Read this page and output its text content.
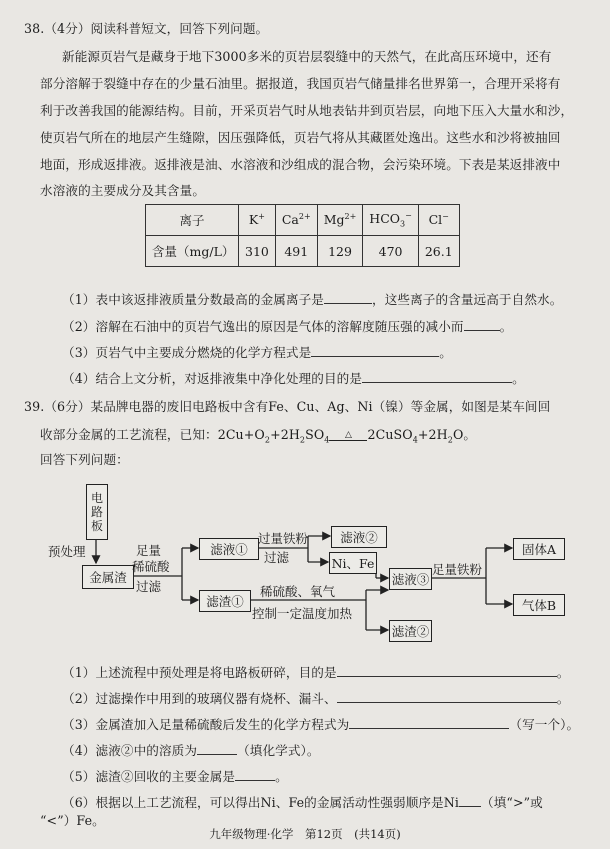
38.（4分）阅读科普短文，回答下列问题。
新能源页岩气是藏身于地下3000多米的页岩层裂缝中的天然气，在此高压环境中，还有
部分溶解于裂缝中存在的少量石油里。据报道，我国页岩气储量排名世界第一，合理开采将有
利于改善我国的能源结构。目前，开采页岩气时从地表钻井到页岩层，向地下压入大量水和沙，
使页岩气所在的地层产生缝隙，因压强降低，页岩气将从其藏匿处逸出。这些水和沙将被抽回
地面，形成返排液。返排液是油、水溶液和沙组成的混合物，会污染环境。下表是某返排液中
水溶液的主要成分及其含量。
离子	K+	$Ca^{2+}$	$Mg^{2+}$	$HCO_3^-$	Cl−
含量（mg/L）	310	491	129	470	26.1
（1）表中该返排液质量分数最高的金属离子是	，这些离子的含量远高于自然水。
（2）溶解在石油中的页岩气逸出的原因是气体的溶解度随压强的减小而	。
（3）页岩气中主要成分燃烧的化学方程式是	。
（4）结合上文分析，对返排液集中净化处理的目的是	。
39.（6分）某品牌电器的废旧电路板中含有Fe、Cu、Ag、Ni（镍）等金属，如图是某车间回
收部分金属的工艺流程，已知：$2Cu+O_2+2H_2SO_4\triangle$ $2CuSO_4+2H_2O$。
回答下列问题：
电
路
板
预处理
金属渣
足量
稀硫酸
过滤
滤液①
过量铁粉
过滤
滤液②
Ni、Fe
滤液③
足量铁粉
固体A
气体B
滤渣①
稀硫酸、氧气
控制一定温度加热
滤渣②
（1）上述流程中预处理是将电路板研碎，目的是	。
（2）过滤操作中用到的玻璃仪器有烧杯、漏斗、	。
（3）金属渣加入足量稀硫酸后发生的化学方程式为	（写一个）。
（4）滤液②中的溶质为	（填化学式）。
（5）滤渣②回收的主要金属是	。
（6）根据以上工艺流程，可以得出Ni、Fe的金属活动性强弱顺序是Ni （填“>”或
“<”）Fe。
九年级物理·化学　第12页　(共14页)
